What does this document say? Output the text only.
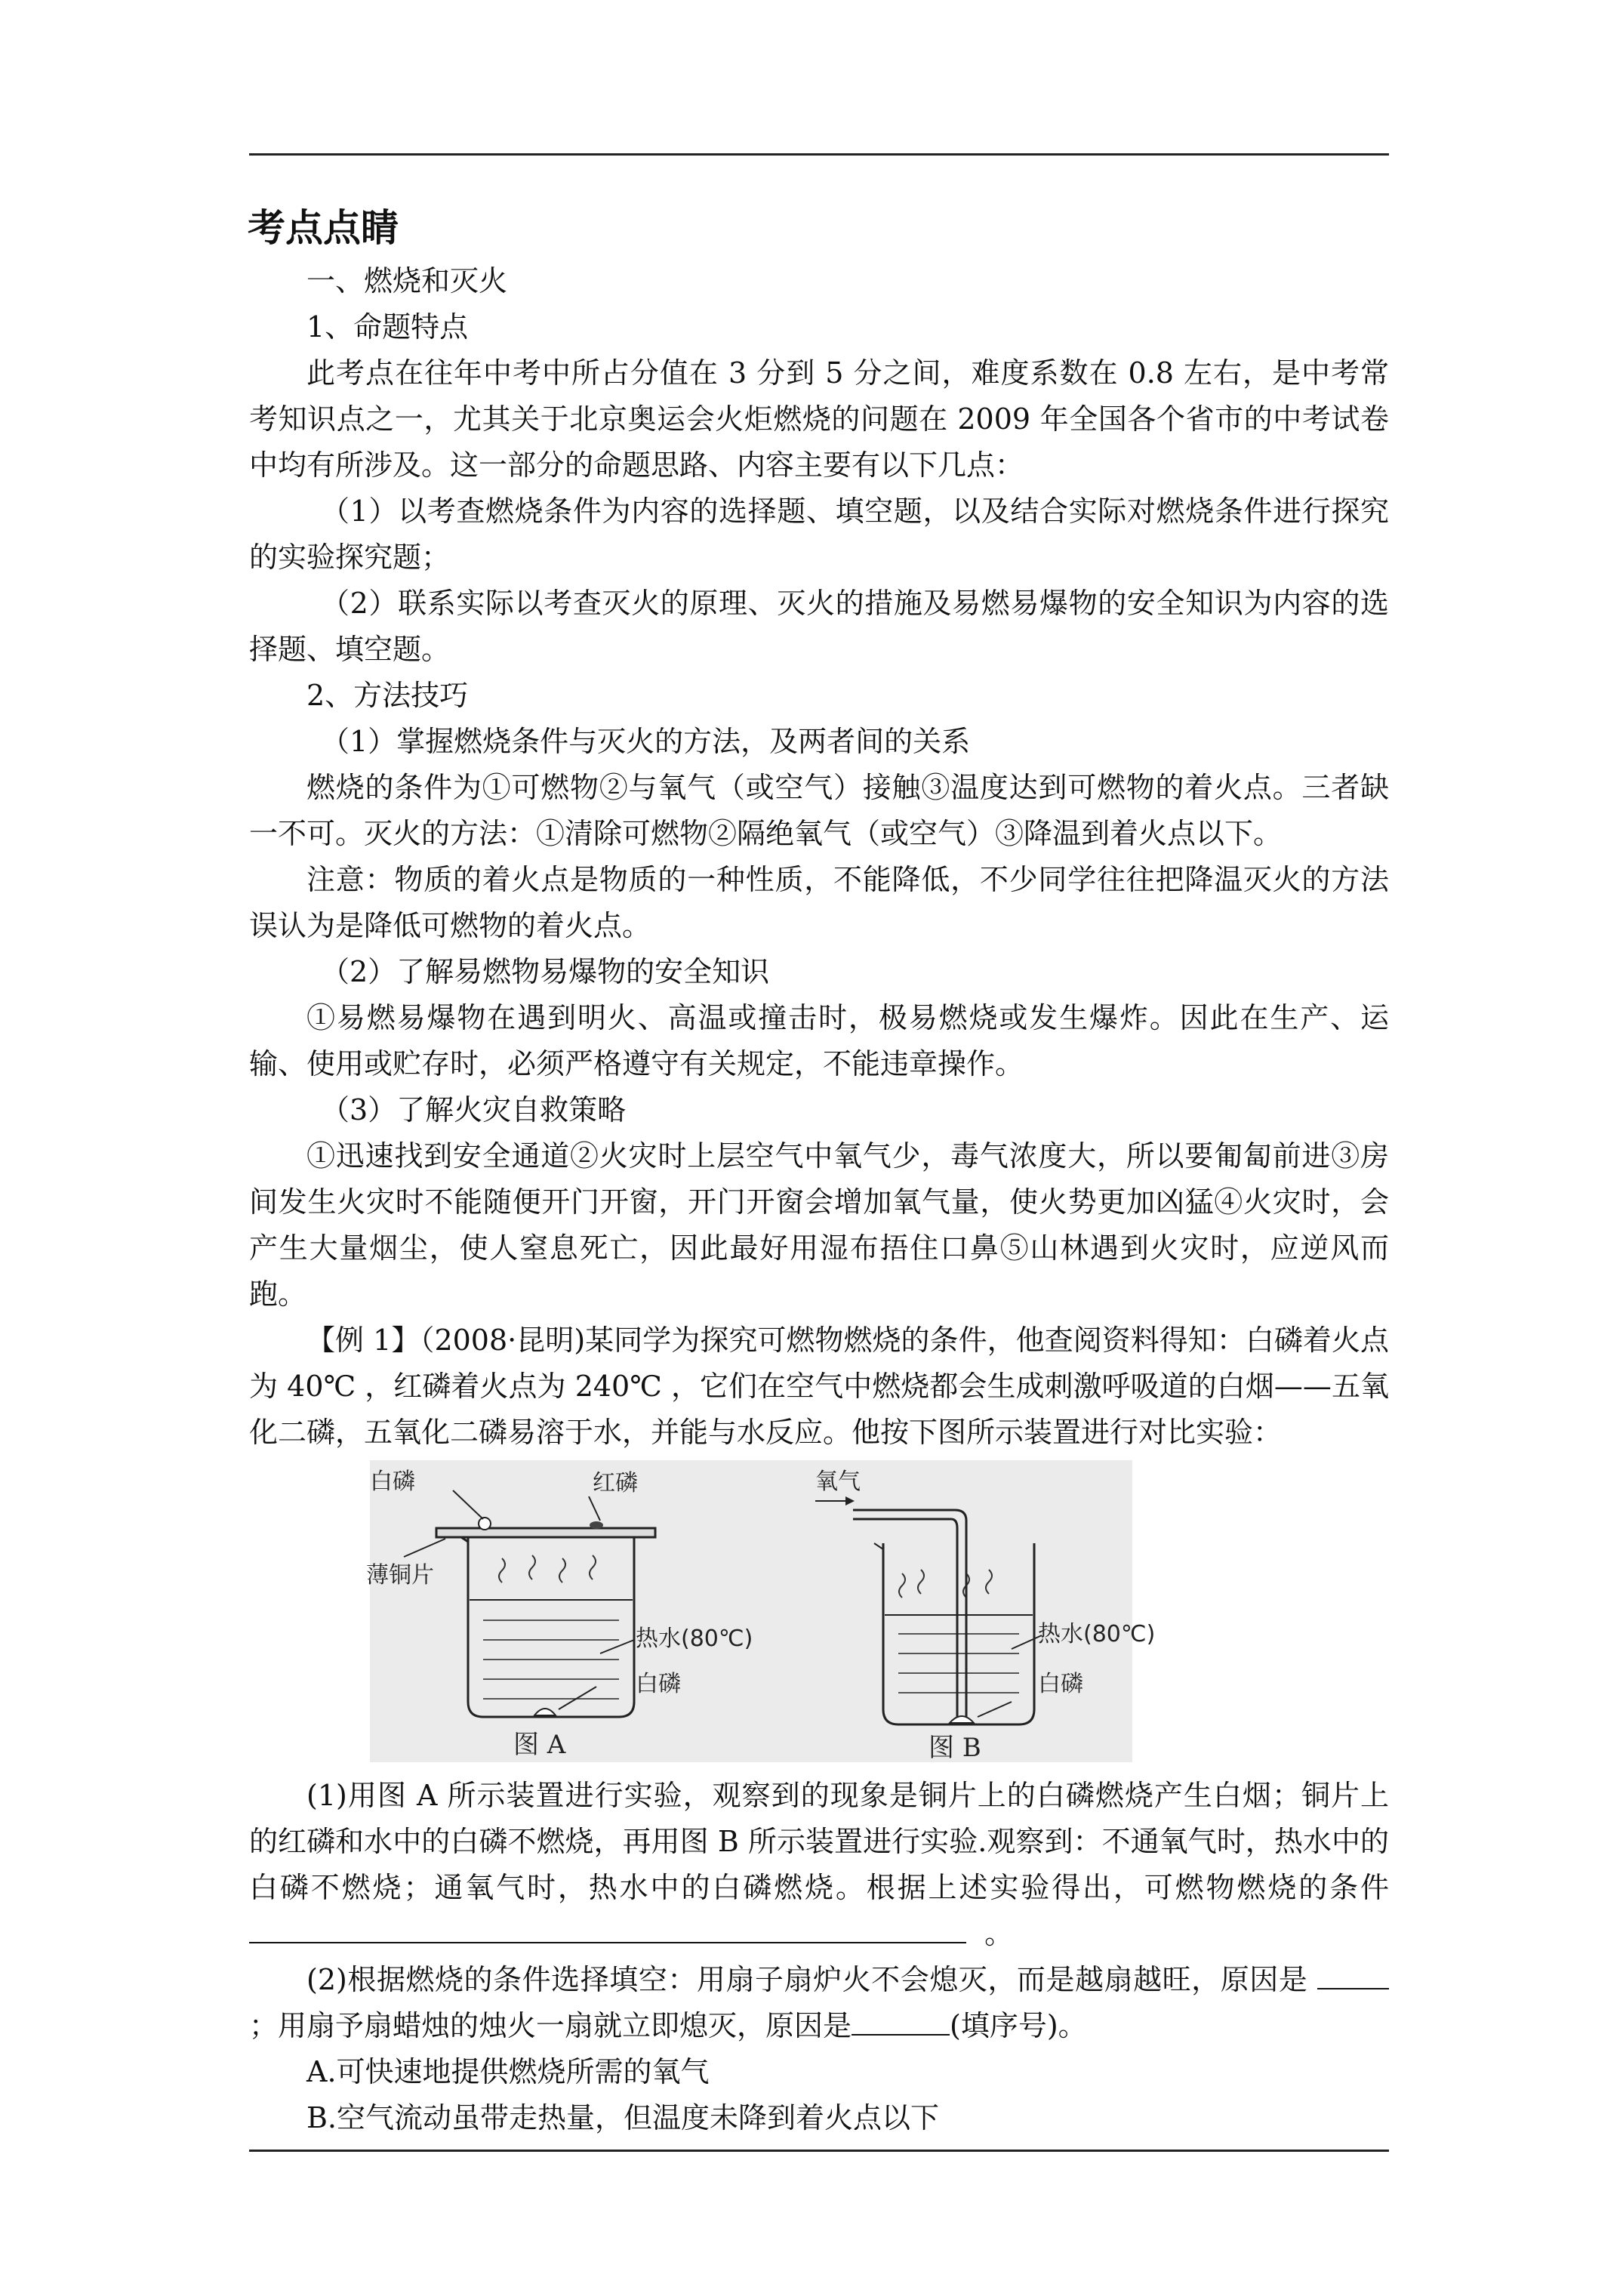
考点点睛

一、燃烧和灭火

1、命题特点

此考点在往年中考中所占分值在 3 分到 5 分之间，难度系数在 0.8 左右，是中考常考知识点之一，尤其关于北京奥运会火炬燃烧的问题在 2009 年全国各个省市的中考试卷中均有所涉及。这一部分的命题思路、内容主要有以下几点：

（1）以考查燃烧条件为内容的选择题、填空题，以及结合实际对燃烧条件进行探究的实验探究题；

（2）联系实际以考查灭火的原理、灭火的措施及易燃易爆物的安全知识为内容的选择题、填空题。

2、方法技巧

（1）掌握燃烧条件与灭火的方法，及两者间的关系

燃烧的条件为①可燃物②与氧气（或空气）接触③温度达到可燃物的着火点。三者缺一不可。灭火的方法：①清除可燃物②隔绝氧气（或空气）③降温到着火点以下。

注意：物质的着火点是物质的一种性质，不能降低，不少同学往往把降温灭火的方法误认为是降低可燃物的着火点。

（2）了解易燃物易爆物的安全知识

①易燃易爆物在遇到明火、高温或撞击时，极易燃烧或发生爆炸。因此在生产、运输、使用或贮存时，必须严格遵守有关规定，不能违章操作。

（3）了解火灾自救策略

①迅速找到安全通道②火灾时上层空气中氧气少，毒气浓度大，所以要匍匐前进③房间发生火灾时不能随便开门开窗，开门开窗会增加氧气量，使火势更加凶猛④火灾时，会产生大量烟尘，使人窒息死亡，因此最好用湿布捂住口鼻⑤山林遇到火灾时，应逆风而跑。

【例 1】（2008·昆明)某同学为探究可燃物燃烧的条件，他查阅资料得知：白磷着火点为 40℃ ，红磷着火点为 240℃ ，它们在空气中燃烧都会生成刺激呼吸道的白烟——五氧化二磷，五氧化二磷易溶于水，并能与水反应。他按下图所示装置进行对比实验：

白磷	红磷
薄铜片
热水(80℃)
白磷
图 A
氧气
热水(80℃)
白磷
图 B

(1)用图 A 所示装置进行实验，观察到的现象是铜片上的白磷燃烧产生白烟；铜片上的红磷和水中的白磷不燃烧，再用图 B 所示装置进行实验.观察到：不通氧气时，热水中的白磷不燃烧；通氧气时，热水中的白磷燃烧。根据上述实验得出，可燃物燃烧的条件  。

(2)根据燃烧的条件选择填空：用扇子扇炉火不会熄灭，而是越扇越旺，原因是 ；用扇予扇蜡烛的烛火一扇就立即熄灭，原因是	(填序号)。

A.可快速地提供燃烧所需的氧气

B.空气流动虽带走热量，但温度未降到着火点以下
